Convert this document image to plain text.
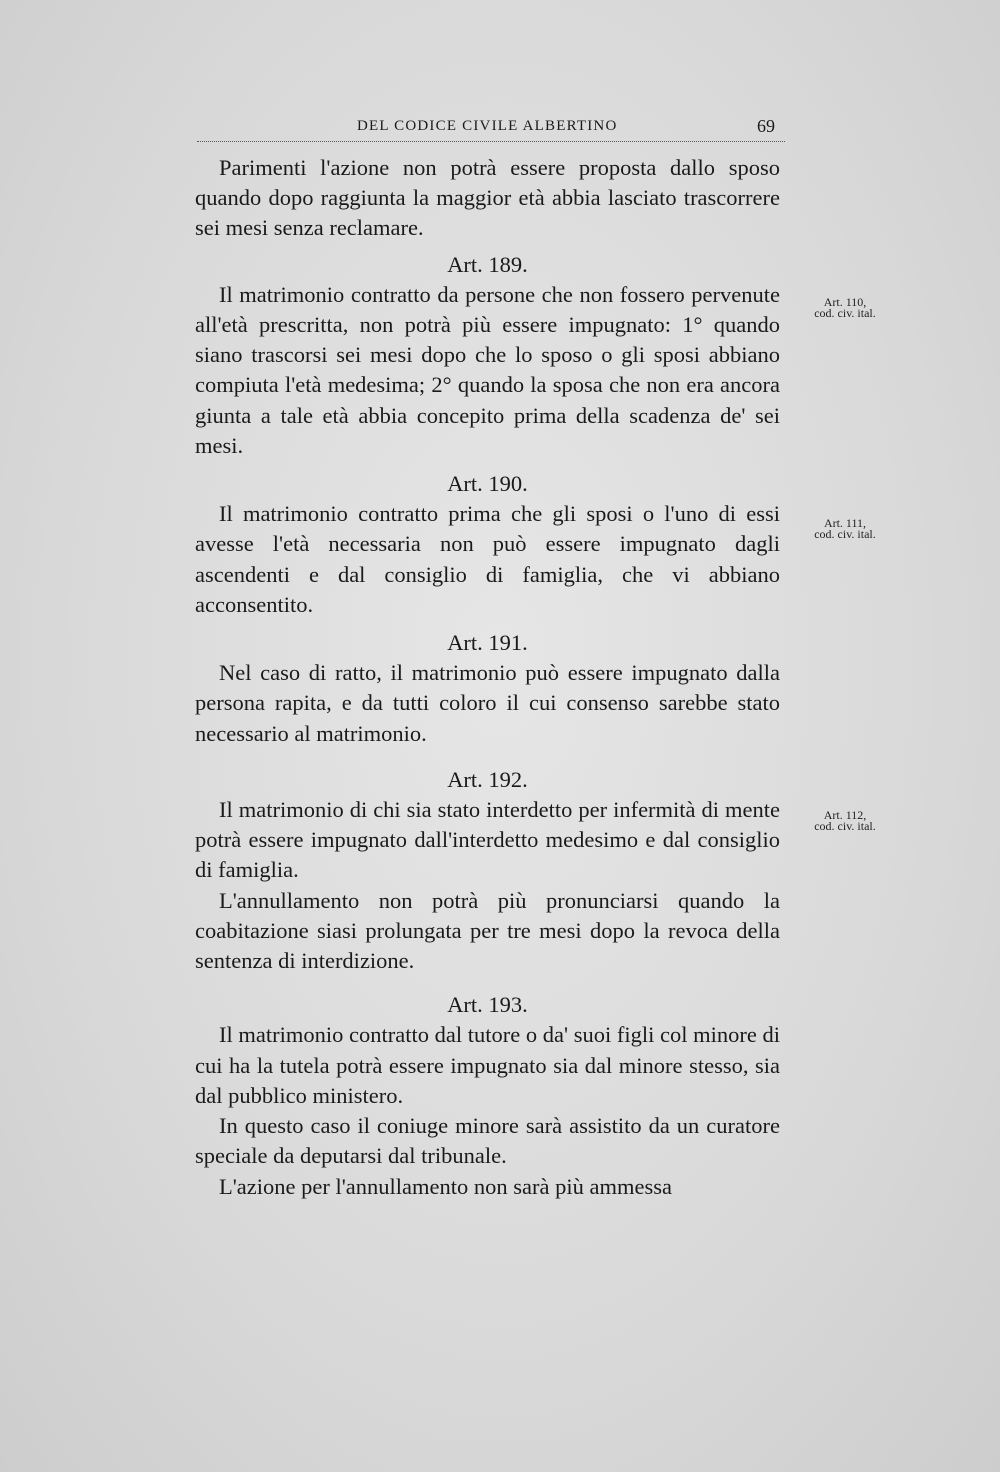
DEL CODICE CIVILE ALBERTINO	69

Parimenti l'azione non potrà essere proposta dallo sposo quando dopo raggiunta la maggior età abbia lasciato trascorrere sei mesi senza reclamare.

Art. 189.

Il matrimonio contratto da persone che non fossero pervenute all'età prescritta, non potrà più essere impugnato: 1° quando siano trascorsi sei mesi dopo che lo sposo o gli sposi abbiano compiuta l'età medesima; 2° quando la sposa che non era ancora giunta a tale età abbia concepito prima della scadenza de' sei mesi.

Art. 190.

Il matrimonio contratto prima che gli sposi o l'uno di essi avesse l'età necessaria non può essere impugnato dagli ascendenti e dal consiglio di famiglia, che vi abbiano acconsentito.

Art. 191.

Nel caso di ratto, il matrimonio può essere impugnato dalla persona rapita, e da tutti coloro il cui consenso sarebbe stato necessario al matrimonio.

Art. 192.

Il matrimonio di chi sia stato interdetto per infermità di mente potrà essere impugnato dall'interdetto medesimo e dal consiglio di famiglia.

L'annullamento non potrà più pronunciarsi quando la coabitazione siasi prolungata per tre mesi dopo la revoca della sentenza di interdizione.

Art. 193.

Il matrimonio contratto dal tutore o da' suoi figli col minore di cui ha la tutela potrà essere impugnato sia dal minore stesso, sia dal pubblico ministero.

In questo caso il coniuge minore sarà assistito da un curatore speciale da deputarsi dal tribunale.

L'azione per l'annullamento non sarà più ammessa

Art. 110,
cod. civ. ital.
Art. 111,
cod. civ. ital.
Art. 112,
cod. civ. ital.
